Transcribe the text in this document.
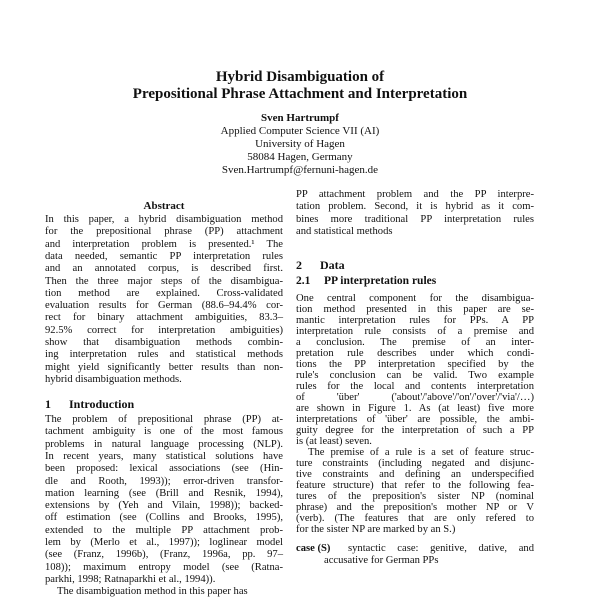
Hybrid Disambiguation of
Prepositional Phrase Attachment and Interpretation
Sven Hartrumpf
Applied Computer Science VII (AI)
University of Hagen
58084 Hagen, Germany
Sven.Hartrumpf@fernuni-hagen.de
Abstract
1 Introduction
In this paper, a hybrid disambiguation method
for the prepositional phrase (PP) attachment
and interpretation problem is presented.¹ The
data needed, semantic PP interpretation rules
and an annotated corpus, is described first.
Then the three major steps of the disambigua-
tion method are explained. Cross-validated
evaluation results for German (88.6–94.4% cor-
rect for binary attachment ambiguities, 83.3–
92.5% correct for interpretation ambiguities)
show that disambiguation methods combin-
ing interpretation rules and statistical methods
might yield significantly better results than non-
hybrid disambiguation methods.
The problem of prepositional phrase (PP) at-
tachment ambiguity is one of the most famous
problems in natural language processing (NLP).
In recent years, many statistical solutions have
been proposed: lexical associations (see (Hin-
dle and Rooth, 1993)); error-driven transfor-
mation learning (see (Brill and Resnik, 1994),
extensions by (Yeh and Vilain, 1998)); backed-
off estimation (see (Collins and Brooks, 1995),
extended to the multiple PP attachment prob-
lem by (Merlo et al., 1997)); loglinear model
(see (Franz, 1996b), (Franz, 1996a, pp. 97–
108)); maximum entropy model (see (Ratna-
parkhi, 1998; Ratnaparkhi et al., 1994)).
The disambiguation method in this paper has
2 Data
2.1 PP interpretation rules
case (S)
PP attachment problem and the PP interpre-
tation problem. Second, it is hybrid as it com-
bines more traditional PP interpretation rules
and statistical methods
One central component for the disambigua-
tion method presented in this paper are se-
mantic interpretation rules for PPs. A PP
interpretation rule consists of a premise and
a conclusion. The premise of an inter-
pretation rule describes under which condi-
tions the PP interpretation specified by the
rule's conclusion can be valid. Two example
rules for the local and contents interpretation
of 'über' ('about'/'above'/'on'/'over'/'via'/…)
are shown in Figure 1. As (at least) five more
interpretations of 'über' are possible, the ambi-
guity degree for the interpretation of such a PP
is (at least) seven.
The premise of a rule is a set of feature struc-
ture constraints (including negated and disjunc-
tive constraints and defining an underspecified
feature structure) that refer to the following fea-
tures of the preposition's sister NP (nominal
phrase) and the preposition's mother NP or V
(verb). (The features that are only refered to
for the sister NP are marked by an S.)
syntactic case: genitive, dative, and
accusative for German PPs
